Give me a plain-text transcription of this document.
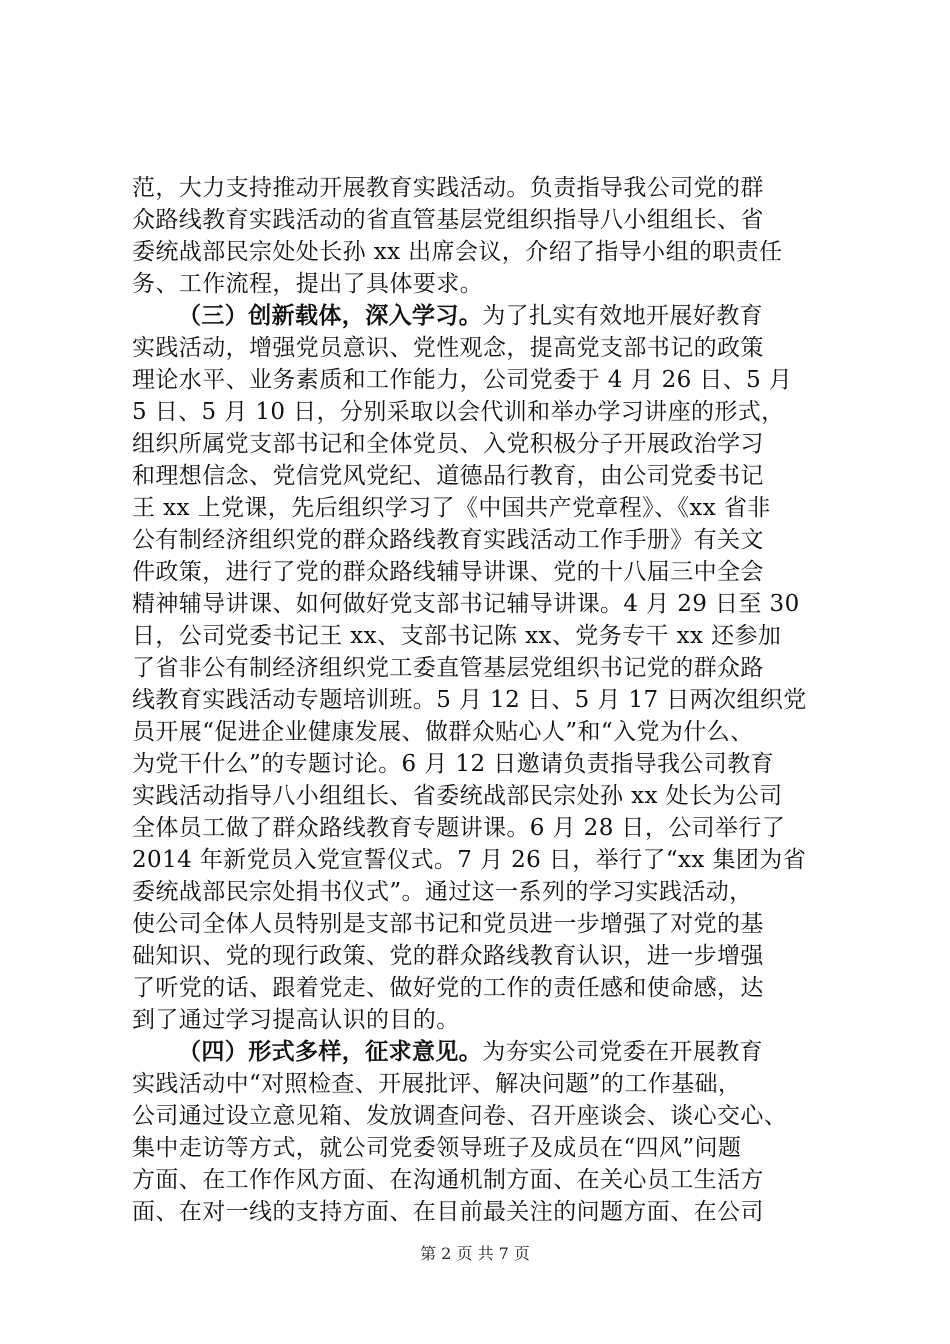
范，大力支持推动开展教育实践活动。负责指导我公司党的群
众路线教育实践活动的省直管基层党组织指导八小组组长、省
委统战部民宗处处长孙 xx 出席会议，介绍了指导小组的职责任
务、工作流程，提出了具体要求。
（三）创新载体，深入学习。为了扎实有效地开展好教育
实践活动，增强党员意识、党性观念，提高党支部书记的政策
理论水平、业务素质和工作能力，公司党委于 4 月 26 日、5 月
5 日、5 月 10 日，分别采取以会代训和举办学习讲座的形式，
组织所属党支部书记和全体党员、入党积极分子开展政治学习
和理想信念、党信党风党纪、道德品行教育，由公司党委书记
王 xx 上党课，先后组织学习了《中国共产党章程》、《xx 省非
公有制经济组织党的群众路线教育实践活动工作手册》有关文
件政策，进行了党的群众路线辅导讲课、党的十八届三中全会
精神辅导讲课、如何做好党支部书记辅导讲课。4 月 29 日至 30
日，公司党委书记王 xx、支部书记陈 xx、党务专干 xx 还参加
了省非公有制经济组织党工委直管基层党组织书记党的群众路
线教育实践活动专题培训班。5 月 12 日、5 月 17 日两次组织党
员开展“促进企业健康发展、做群众贴心人”和“入党为什么、
为党干什么”的专题讨论。6 月 12 日邀请负责指导我公司教育
实践活动指导八小组组长、省委统战部民宗处孙 xx 处长为公司
全体员工做了群众路线教育专题讲课。6 月 28 日，公司举行了
2014 年新党员入党宣誓仪式。7 月 26 日，举行了“xx 集团为省
委统战部民宗处捐书仪式”。通过这一系列的学习实践活动，
使公司全体人员特别是支部书记和党员进一步增强了对党的基
础知识、党的现行政策、党的群众路线教育认识，进一步增强
了听党的话、跟着党走、做好党的工作的责任感和使命感，达
到了通过学习提高认识的目的。
（四）形式多样，征求意见。为夯实公司党委在开展教育
实践活动中“对照检查、开展批评、解决问题”的工作基础，
公司通过设立意见箱、发放调查问卷、召开座谈会、谈心交心、
集中走访等方式，就公司党委领导班子及成员在“四风”问题
方面、在工作作风方面、在沟通机制方面、在关心员工生活方
面、在对一线的支持方面、在目前最关注的问题方面、在公司
第 2 页 共 7 页
